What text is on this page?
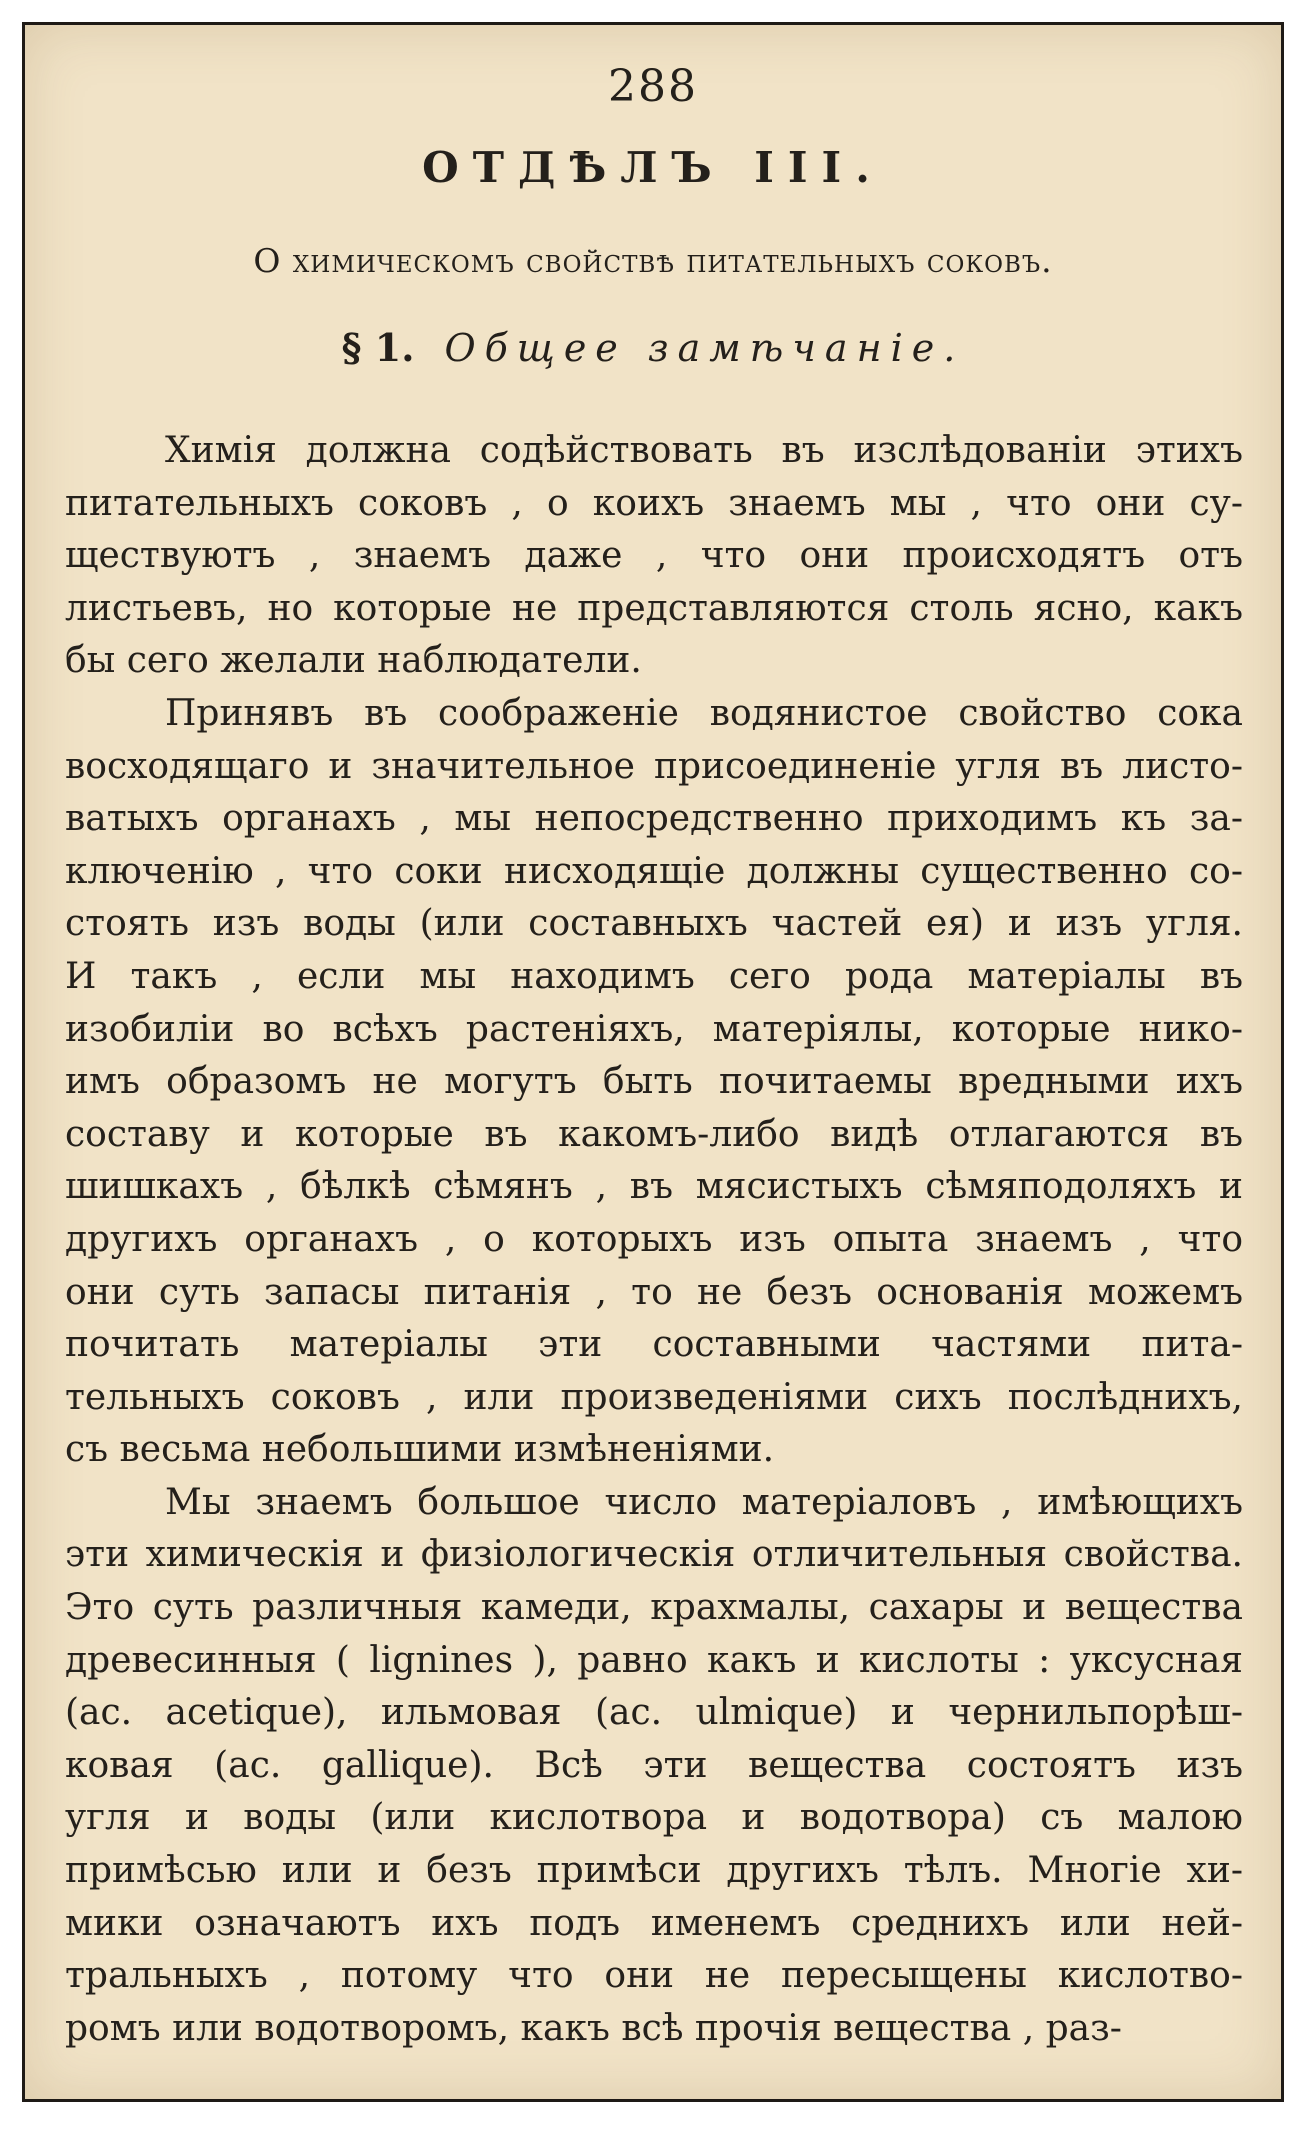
288
ОТДѢЛЪ III.
О химическомъ свойствѣ питательныхъ соковъ.
§ 1. Общее замѣчаніе.
Химія должна содѣйствовать въ изслѣдованіи этихъ
питательныхъ соковъ , о коихъ знаемъ мы , что они су-
ществуютъ , знаемъ даже , что они происходятъ отъ
листьевъ, но которые не представляются столь ясно, какъ
бы сего желали наблюдатели.
Принявъ въ соображеніе водянистое свойство сока
восходящаго и значительное присоединеніе угля въ листо-
ватыхъ органахъ , мы непосредственно приходимъ къ за-
ключенію , что соки нисходящіе должны существенно со-
стоять изъ воды (или составныхъ частей ея) и изъ угля.
И такъ , если мы находимъ сего рода матеріалы въ
изобиліи во всѣхъ растеніяхъ, матеріялы, которые нико-
имъ образомъ не могутъ быть почитаемы вредными ихъ
составу и которые въ какомъ-либо видѣ отлагаются въ
шишкахъ , бѣлкѣ сѣмянъ , въ мясистыхъ сѣмяподоляхъ и
другихъ органахъ , о которыхъ изъ опыта знаемъ , что
они суть запасы питанія , то не безъ основанія можемъ
почитать матеріалы эти составными частями пита-
тельныхъ соковъ , или произведеніями сихъ послѣднихъ,
съ весьма небольшими измѣненіями.
Мы знаемъ большое число матеріаловъ , имѣющихъ
эти химическія и физіологическія отличительныя свойства.
Это суть различныя камеди, крахмалы, сахары и вещества
древесинныя ( lignines ), равно какъ и кислоты : уксусная
(ac. acetique), ильмовая (ac. ulmique) и чернильпорѣш-
ковая (ac. gallique). Всѣ эти вещества состоятъ изъ
угля и воды (или кислотвора и водотвора) съ малою
примѣсью или и безъ примѣси другихъ тѣлъ. Многіе хи-
мики означаютъ ихъ подъ именемъ среднихъ или ней-
тральныхъ , потому что они не пересыщены кислотво-
ромъ или водотворомъ, какъ всѣ прочія вещества , раз-
